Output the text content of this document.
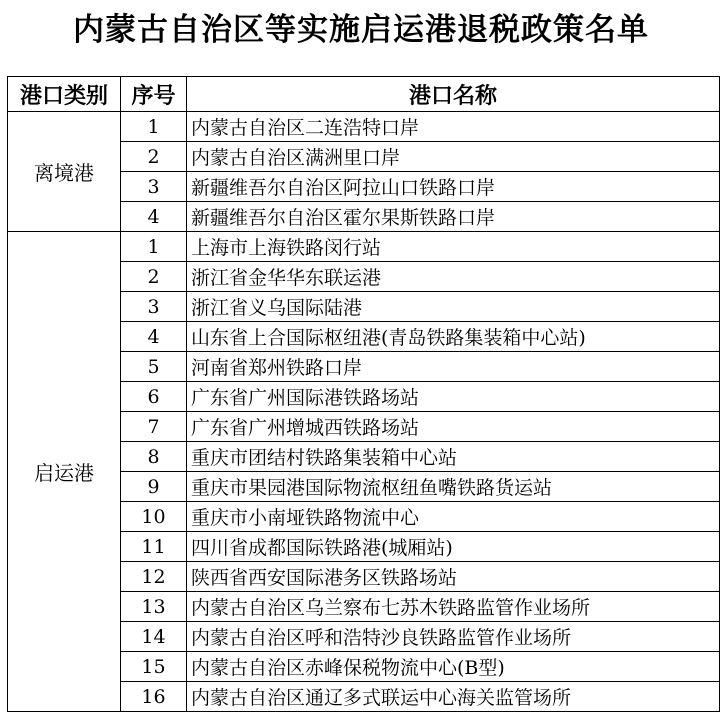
内蒙古自治区等实施启运港退税政策名单
港口类别	序号	港口名称
离境港	1	内蒙古自治区二连浩特口岸
	2	内蒙古自治区满洲里口岸
	3	新疆维吾尔自治区阿拉山口铁路口岸
	4	新疆维吾尔自治区霍尔果斯铁路口岸
启运港	1	上海市上海铁路闵行站
	2	浙江省金华华东联运港
	3	浙江省义乌国际陆港
	4	山东省上合国际枢纽港(青岛铁路集装箱中心站)
	5	河南省郑州铁路口岸
	6	广东省广州国际港铁路场站
	7	广东省广州增城西铁路场站
	8	重庆市团结村铁路集装箱中心站
	9	重庆市果园港国际物流枢纽鱼嘴铁路货运站
	10	重庆市小南垭铁路物流中心
	11	四川省成都国际铁路港(城厢站)
	12	陕西省西安国际港务区铁路场站
	13	内蒙古自治区乌兰察布七苏木铁路监管作业场所
	14	内蒙古自治区呼和浩特沙良铁路监管作业场所
	15	内蒙古自治区赤峰保税物流中心(B型)
	16	内蒙古自治区通辽多式联运中心海关监管场所
